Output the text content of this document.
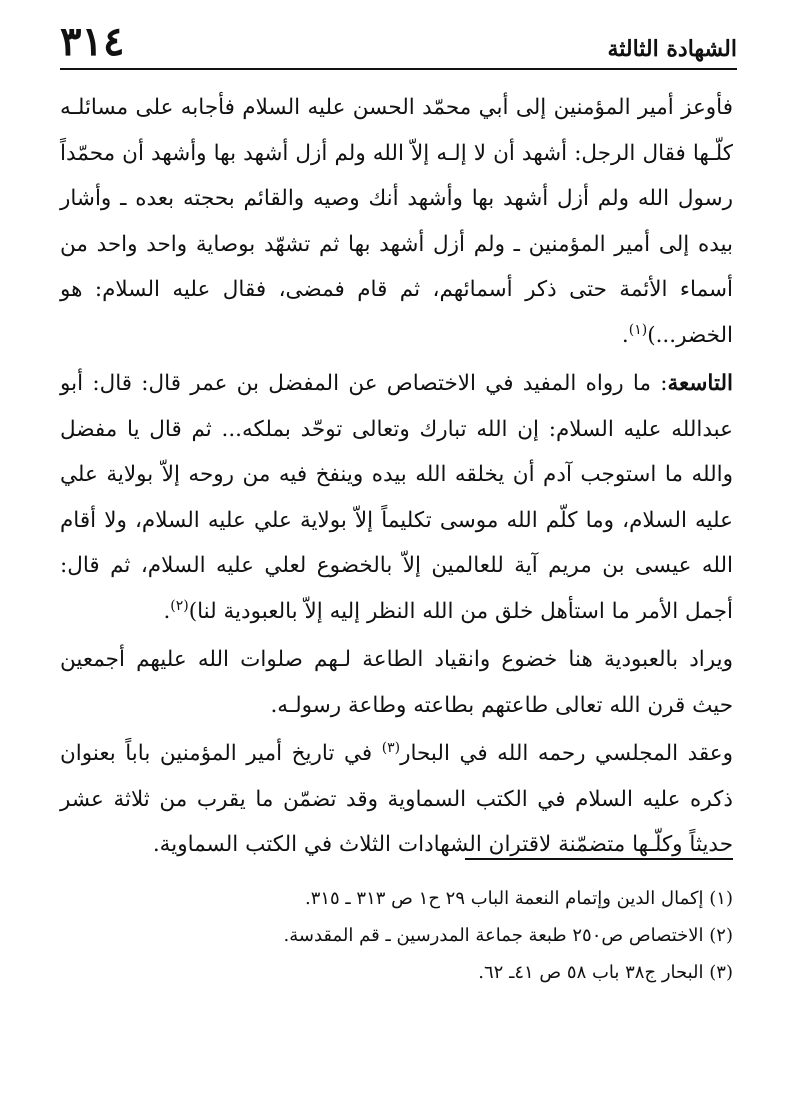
الشهادة الثالثة
٣١٤

فأوعز أمير المؤمنين إلى أبي محمّد الحسن عليه السلام فأجابه على مسائلـه كلّـها فقال الرجل: أشهد أن لا إلـه إلاّ الله ولم أزل أشهد بها وأشهد أن محمّداً رسول الله ولم أزل أشهد بها وأشهد أنك وصيه والقائم بحجته بعده ـ وأشار بيده إلى أمير المؤمنين ـ ولم أزل أشهد بها ثم تشهّد بوصاية واحد واحد من أسماء الأئمة حتى ذكر أسمائهم، ثم قام فمضى، فقال عليه السلام: هو الخضر...)$^{(١)}$.

التاسعة: ما رواه المفيد في الاختصاص عن المفضل بن عمر قال: قال: أبو عبدالله عليه السلام: إن الله تبارك وتعالى توحّد بملكه... ثم قال يا مفضل والله ما استوجب آدم أن يخلقه الله بيده وينفخ فيه من روحه إلاّ بولاية علي عليه السلام، وما كلّم الله موسى تكليماً إلاّ بولاية علي عليه السلام، ولا أقام الله عيسى بن مريم آية للعالمين إلاّ بالخضوع لعلي عليه السلام، ثم قال: أجمل الأمر ما استأهل خلق من الله النظر إليه إلاّ بالعبودية لنا)$^{(٢)}$.

ويراد بالعبودية هنا خضوع وانقياد الطاعة لـهم صلوات الله عليهم أجمعين حيث قرن الله تعالى طاعتهم بطاعته وطاعة رسولـه.

وعقد المجلسي رحمه الله في البحار$^{(٣)}$ في تاريخ أمير المؤمنين باباً بعنوان ذكره عليه السلام في الكتب السماوية وقد تضمّن ما يقرب من ثلاثة عشر حديثاً وكلّـها متضمّنة لاقتران الشهادات الثلاث في الكتب السماوية.

(١) إكمال الدين وإتمام النعمة الباب ٢٩ ح١ ص ٣١٣ ـ ٣١٥.
(٢) الاختصاص ص٢٥٠ طبعة جماعة المدرسين ـ قم المقدسة.
(٣) البحار ج٣٨ باب ٥٨ ص ٤١ـ ٦٢.
